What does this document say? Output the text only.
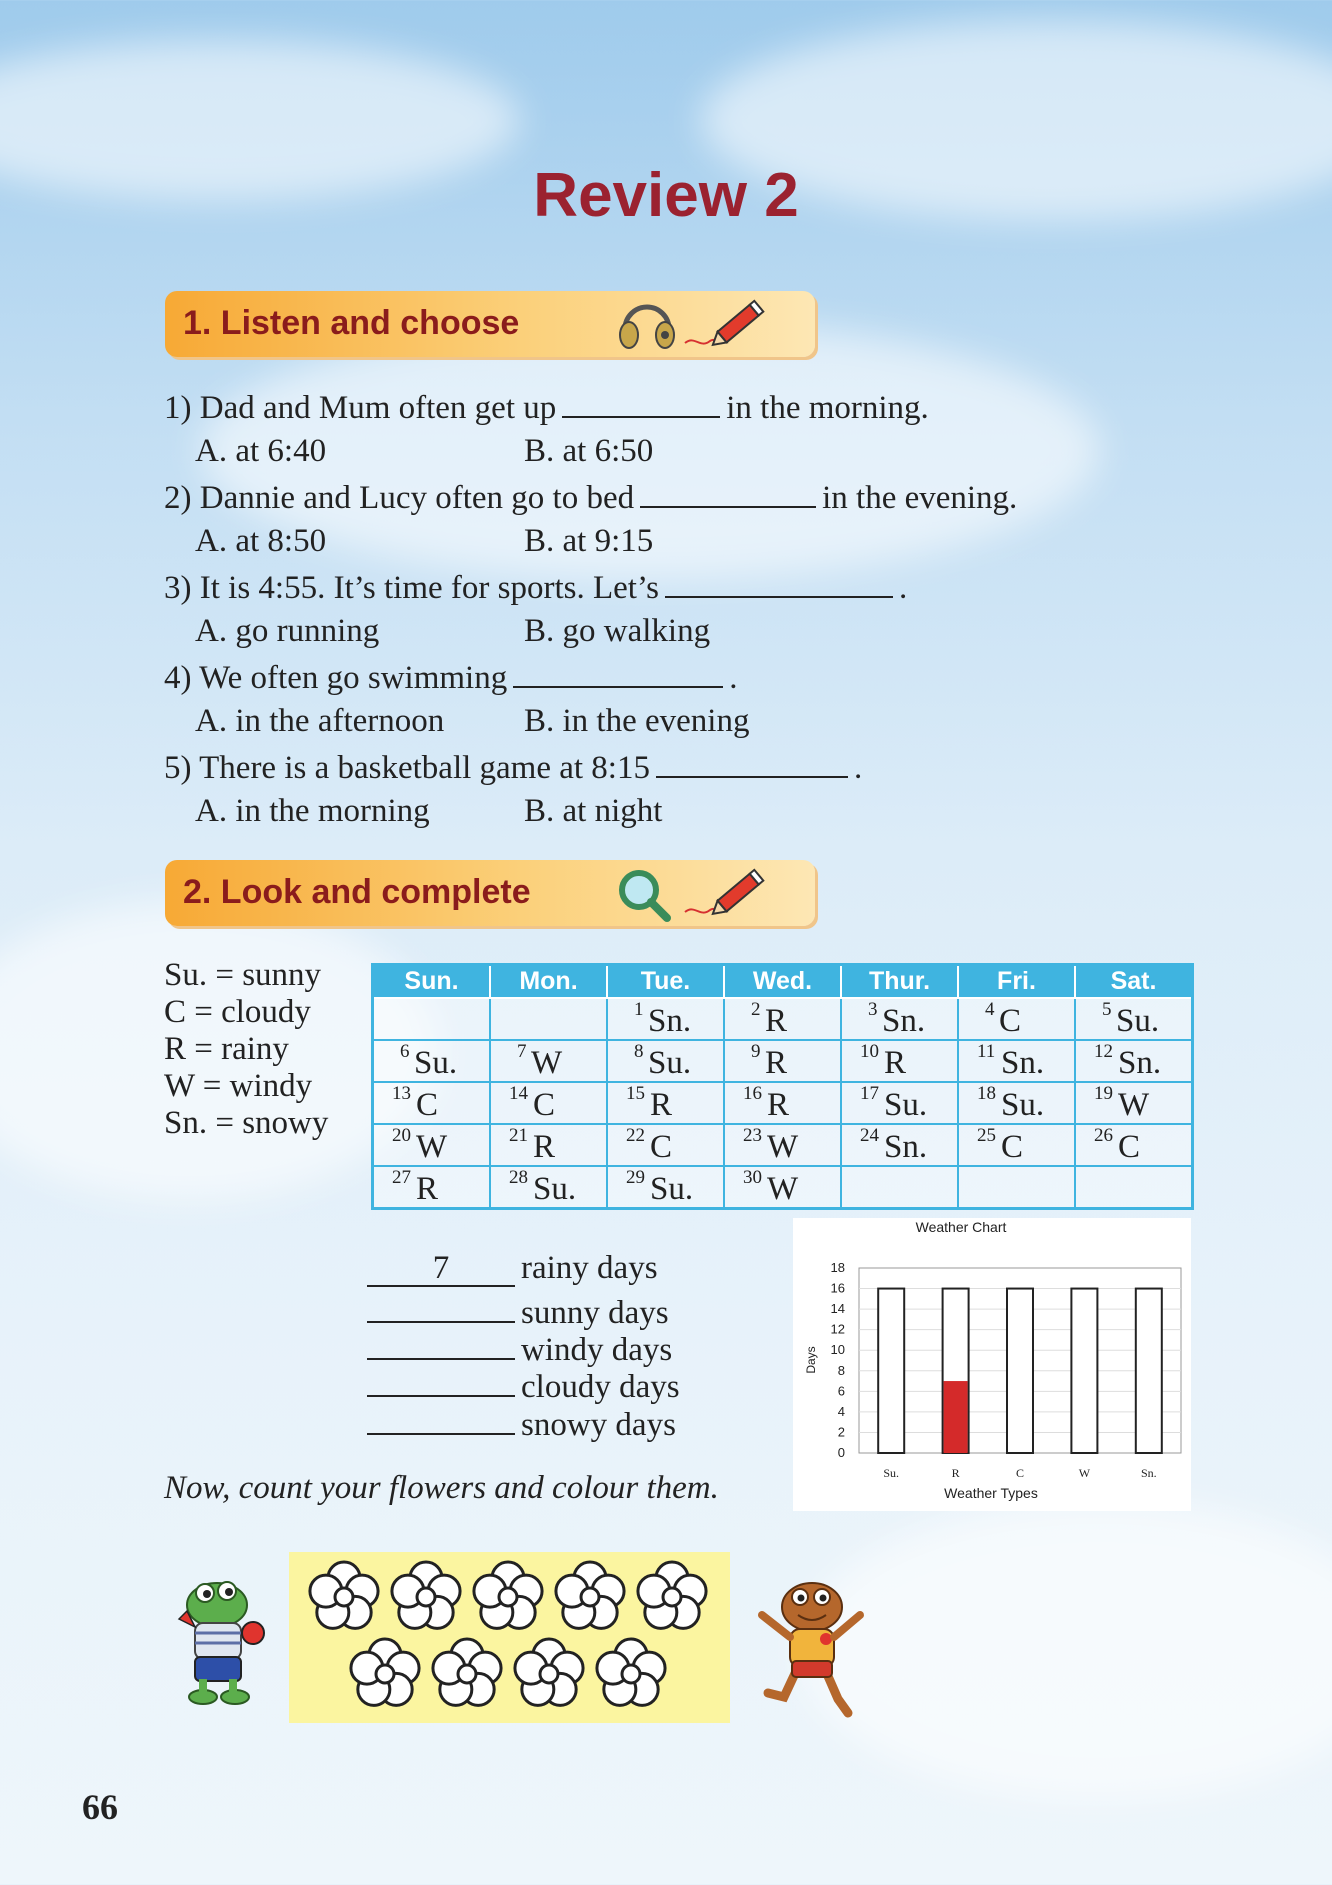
Review 2
1. Listen and choose
1) Dad and Mum often get up	in the morning.
A. at 6:40	B. at 6:50
2) Dannie and Lucy often go to bed	in the evening.
A. at 8:50	B. at 9:15
3) It is 4:55. It’s time for sports. Let’s	.
A. go running	B. go walking
4) We often go swimming	.
A. in the afternoon B. in the evening
5) There is a basketball game at 8:15	.
A. in the morning	B. at night
2. Look and complete
Su. = sunny
C = cloudy
R = rainy
W = windy
Sn. = snowy
Sun.	Mon.	Tue.	Wed.	Thur.	Fri.	Sat.

		1 Sn.	2 R	3 Sn.	4 C	5 Su.

6 Su.	7 W	8 Su.	9 R	10 R	11 Sn.	12 Sn.

13 C	14 C	15 R	16 R	17 Su.	18 Su.	19 W

20 W	21 R	22 C	23 W	24 Sn.	25 C	26 C

27 R	28 Su.	29 Su.	30 W			

7 rainy days
sunny days
windy days
cloudy days
snowy days
0
2
4
6
8
10
12
14
16
18
Su.	R	C	W	Sn.
Weather Chart
Weather Types
Days
Now, count your flowers and colour them.
66
